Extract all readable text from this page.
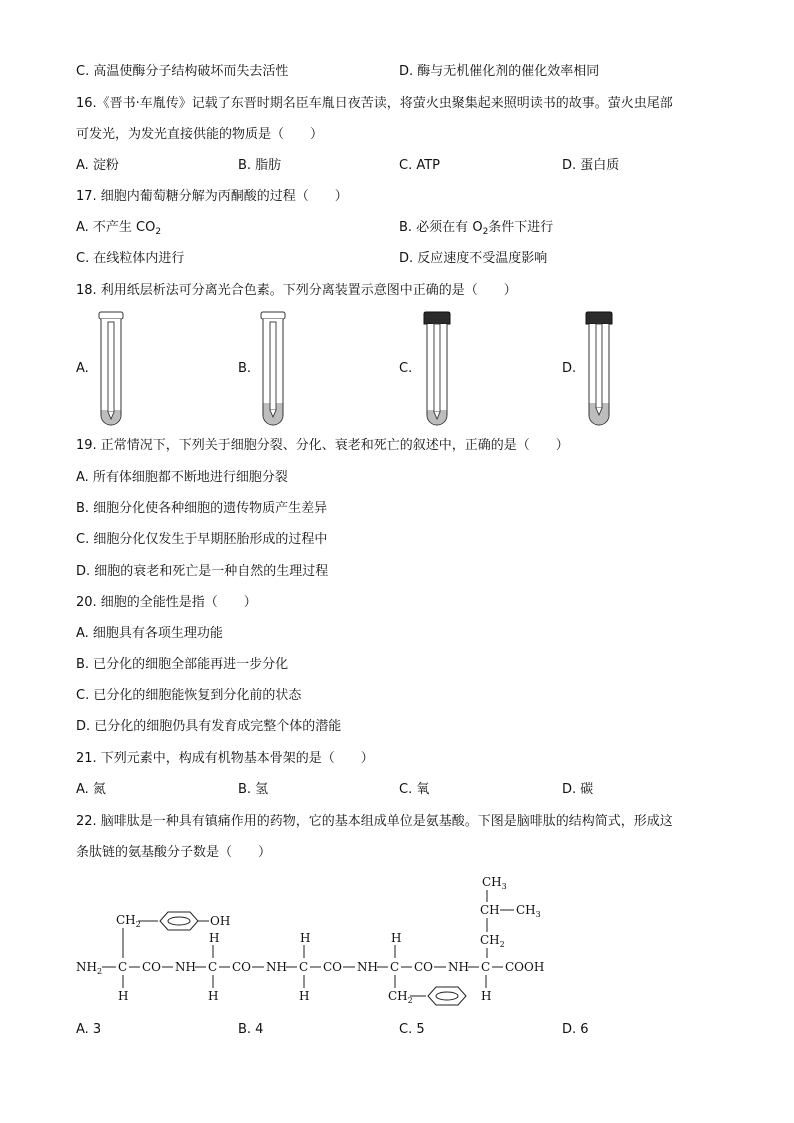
C. 高温使酶分子结构破坏而失去活性	D. 酶与无机催化剂的催化效率相同
16.《晋书·车胤传》记载了东晋时期名臣车胤日夜苦读，将萤火虫聚集起来照明读书的故事。萤火虫尾部
可发光，为发光直接供能的物质是（　　）
A. 淀粉	B. 脂肪	C. ATP	D. 蛋白质
17. 细胞内葡萄糖分解为丙酮酸的过程（　　）
A. 不产生 $CO_2$	B. 必须在有 $O_2$条件下进行
C. 在线粒体内进行	D. 反应速度不受温度影响
18. 利用纸层析法可分离光合色素。下列分离装置示意图中正确的是（　　）
A.	B.	C.	D.
19. 正常情况下，下列关于细胞分裂、分化、衰老和死亡的叙述中，正确的是（　　）
A. 所有体细胞都不断地进行细胞分裂
B. 细胞分化使各种细胞的遗传物质产生差异
C. 细胞分化仅发生于早期胚胎形成的过程中
D. 细胞的衰老和死亡是一种自然的生理过程
20. 细胞的全能性是指（　　）
A. 细胞具有各项生理功能
B. 已分化的细胞全部能再进一步分化
C. 已分化的细胞能恢复到分化前的状态
D. 已分化的细胞仍具有发育成完整个体的潜能
21. 下列元素中，构成有机物基本骨架的是（　　）
A. 氮	B. 氢	C. 氧	D. 碳
22. 脑啡肽是一种具有镇痛作用的药物，它的基本组成单位是氨基酸。下图是脑啡肽的结构简式，形成这
条肽链的氨基酸分子数是（　　）
$CH_3$
CH $CH_3$
$CH_2$
$CH_2$	OH
H	H	H
$NH_2$ C CO NH C CO NH C CO NH C CO NH C COOH
H	H	H	$CH_2$	H
A. 3	B. 4	C. 5	D. 6
